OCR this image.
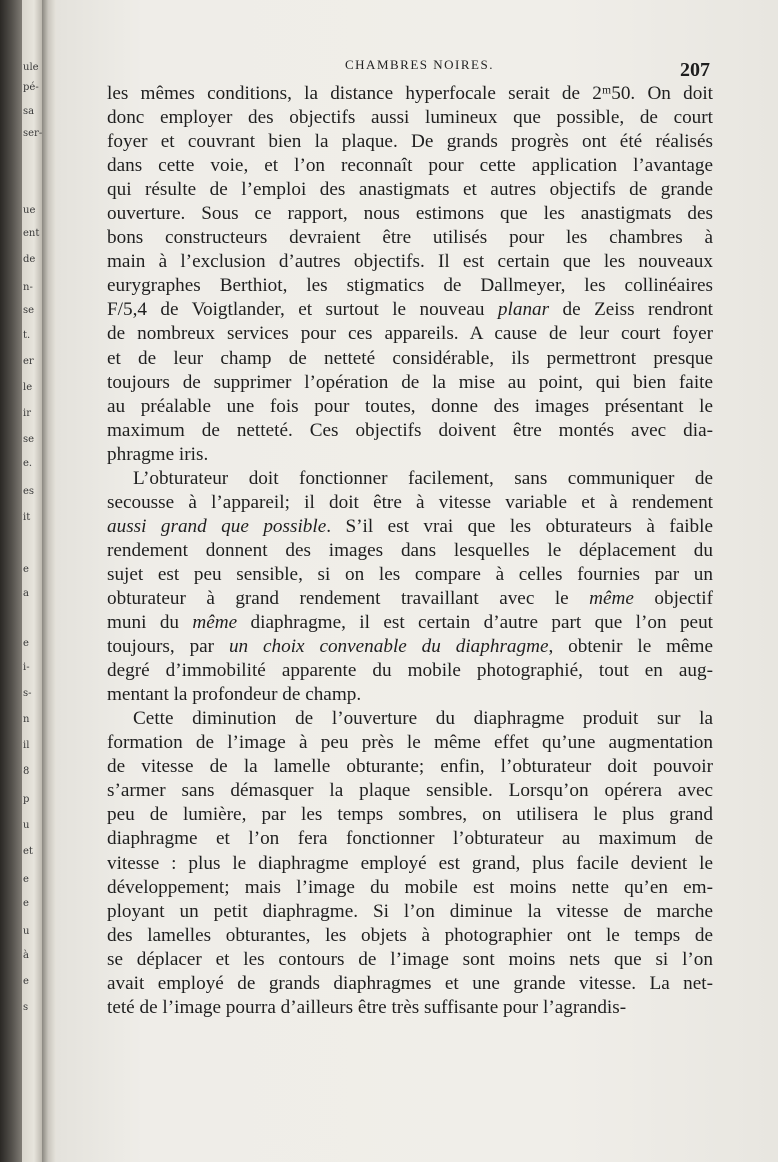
ule
pé-
sa
ser-
ue
ent
de
n-
se
t.
er
le
ir
se
e.
es
it
e
a
e
i-
s-
n
il
8
p
u
et
e
e
u
à
e
s
CHAMBRES NOIRES.	207
les mêmes conditions, la distance hyperfocale serait de 2ᵐ50. On doit
donc employer des objectifs aussi lumineux que possible, de court
foyer et couvrant bien la plaque. De grands progrès ont été réalisés
dans cette voie, et l’on reconnaît pour cette application l’avantage
qui résulte de l’emploi des anastigmats et autres objectifs de grande
ouverture. Sous ce rapport, nous estimons que les anastigmats des
bons constructeurs devraient être utilisés pour les chambres à
main à l’exclusion d’autres objectifs. Il est certain que les nouveaux
eurygraphes Berthiot, les stigmatics de Dallmeyer, les collinéaires
F/5,4 de Voigtlander, et surtout le nouveau planar de Zeiss rendront
de nombreux services pour ces appareils. A cause de leur court foyer
et de leur champ de netteté considérable, ils permettront presque
toujours de supprimer l’opération de la mise au point, qui bien faite
au préalable une fois pour toutes, donne des images présentant le
maximum de netteté. Ces objectifs doivent être montés avec dia-
phragme iris.
L’obturateur doit fonctionner facilement, sans communiquer de
secousse à l’appareil; il doit être à vitesse variable et à rendement
aussi grand que possible. S’il est vrai que les obturateurs à faible
rendement donnent des images dans lesquelles le déplacement du
sujet est peu sensible, si on les compare à celles fournies par un
obturateur à grand rendement travaillant avec le même objectif
muni du même diaphragme, il est certain d’autre part que l’on peut
toujours, par un choix convenable du diaphragme, obtenir le même
degré d’immobilité apparente du mobile photographié, tout en aug-
mentant la profondeur de champ.
Cette diminution de l’ouverture du diaphragme produit sur la
formation de l’image à peu près le même effet qu’une augmentation
de vitesse de la lamelle obturante; enfin, l’obturateur doit pouvoir
s’armer sans démasquer la plaque sensible. Lorsqu’on opérera avec
peu de lumière, par les temps sombres, on utilisera le plus grand
diaphragme et l’on fera fonctionner l’obturateur au maximum de
vitesse : plus le diaphragme employé est grand, plus facile devient le
développement; mais l’image du mobile est moins nette qu’en em-
ployant un petit diaphragme. Si l’on diminue la vitesse de marche
des lamelles obturantes, les objets à photographier ont le temps de
se déplacer et les contours de l’image sont moins nets que si l’on
avait employé de grands diaphragmes et une grande vitesse. La net-
teté de l’image pourra d’ailleurs être très suffisante pour l’agrandis-
